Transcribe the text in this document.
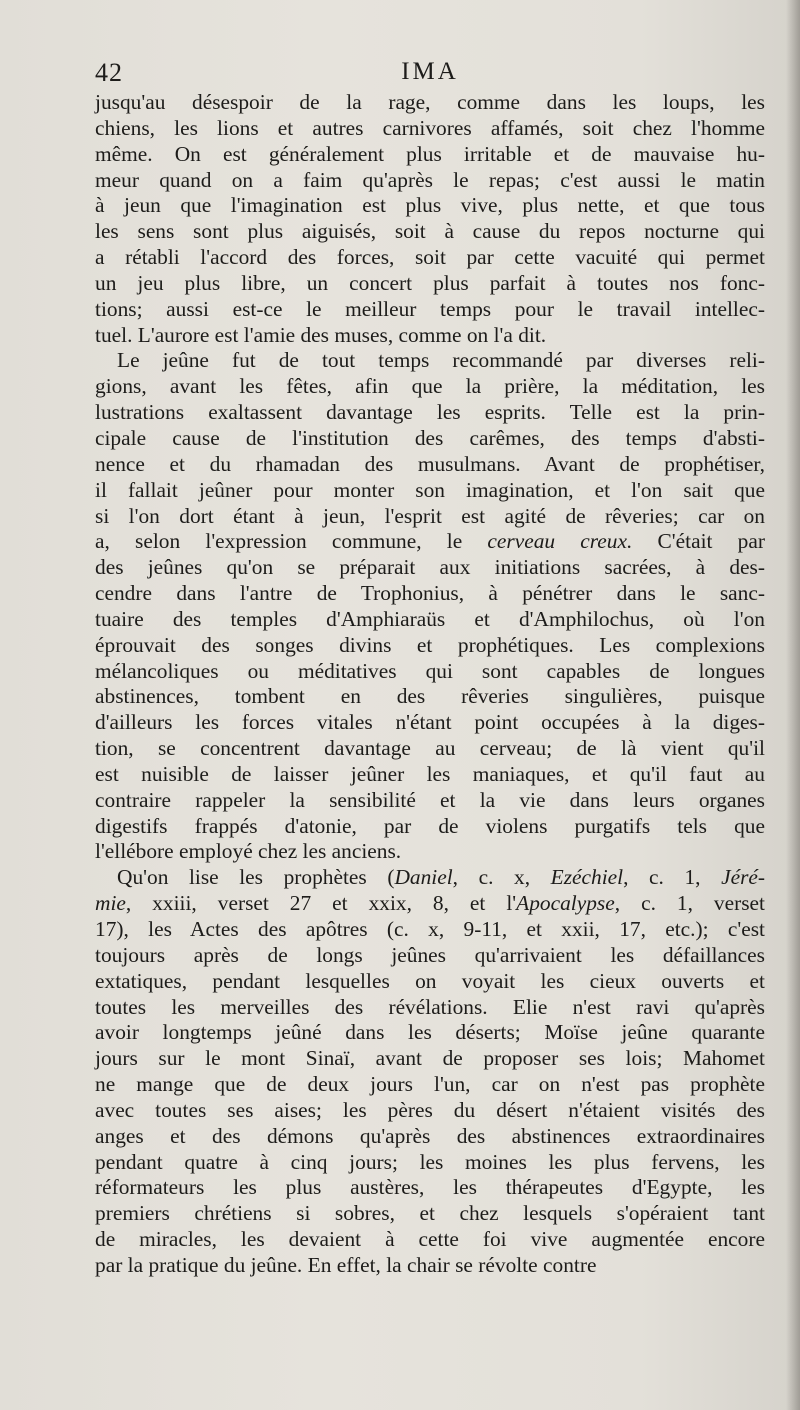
42	IMA
jusqu'au désespoir de la rage, comme dans les loups, les
chiens, les lions et autres carnivores affamés, soit chez l'homme
même. On est généralement plus irritable et de mauvaise hu-
meur quand on a faim qu'après le repas; c'est aussi le matin
à jeun que l'imagination est plus vive, plus nette, et que tous
les sens sont plus aiguisés, soit à cause du repos nocturne qui
a rétabli l'accord des forces, soit par cette vacuité qui permet
un jeu plus libre, un concert plus parfait à toutes nos fonc-
tions; aussi est-ce le meilleur temps pour le travail intellec-
tuel. L'aurore est l'amie des muses, comme on l'a dit.
Le jeûne fut de tout temps recommandé par diverses reli-
gions, avant les fêtes, afin que la prière, la méditation, les
lustrations exaltassent davantage les esprits. Telle est la prin-
cipale cause de l'institution des carêmes, des temps d'absti-
nence et du rhamadan des musulmans. Avant de prophétiser,
il fallait jeûner pour monter son imagination, et l'on sait que
si l'on dort étant à jeun, l'esprit est agité de rêveries; car on
a, selon l'expression commune, le cerveau creux. C'était par
des jeûnes qu'on se préparait aux initiations sacrées, à des-
cendre dans l'antre de Trophonius, à pénétrer dans le sanc-
tuaire des temples d'Amphiaraüs et d'Amphilochus, où l'on
éprouvait des songes divins et prophétiques. Les complexions
mélancoliques ou méditatives qui sont capables de longues
abstinences, tombent en des rêveries singulières, puisque
d'ailleurs les forces vitales n'étant point occupées à la diges-
tion, se concentrent davantage au cerveau; de là vient qu'il
est nuisible de laisser jeûner les maniaques, et qu'il faut au
contraire rappeler la sensibilité et la vie dans leurs organes
digestifs frappés d'atonie, par de violens purgatifs tels que
l'ellébore employé chez les anciens.
Qu'on lise les prophètes (Daniel, c. x, Ezéchiel, c. 1, Jéré-
mie, xxiii, verset 27 et xxix, 8, et l'Apocalypse, c. 1, verset
17), les Actes des apôtres (c. x, 9-11, et xxii, 17, etc.); c'est
toujours après de longs jeûnes qu'arrivaient les défaillances
extatiques, pendant lesquelles on voyait les cieux ouverts et
toutes les merveilles des révélations. Elie n'est ravi qu'après
avoir longtemps jeûné dans les déserts; Moïse jeûne quarante
jours sur le mont Sinaï, avant de proposer ses lois; Mahomet
ne mange que de deux jours l'un, car on n'est pas prophète
avec toutes ses aises; les pères du désert n'étaient visités des
anges et des démons qu'après des abstinences extraordinaires
pendant quatre à cinq jours; les moines les plus fervens, les
réformateurs les plus austères, les thérapeutes d'Egypte, les
premiers chrétiens si sobres, et chez lesquels s'opéraient tant
de miracles, les devaient à cette foi vive augmentée encore
par la pratique du jeûne. En effet, la chair se révolte contre
